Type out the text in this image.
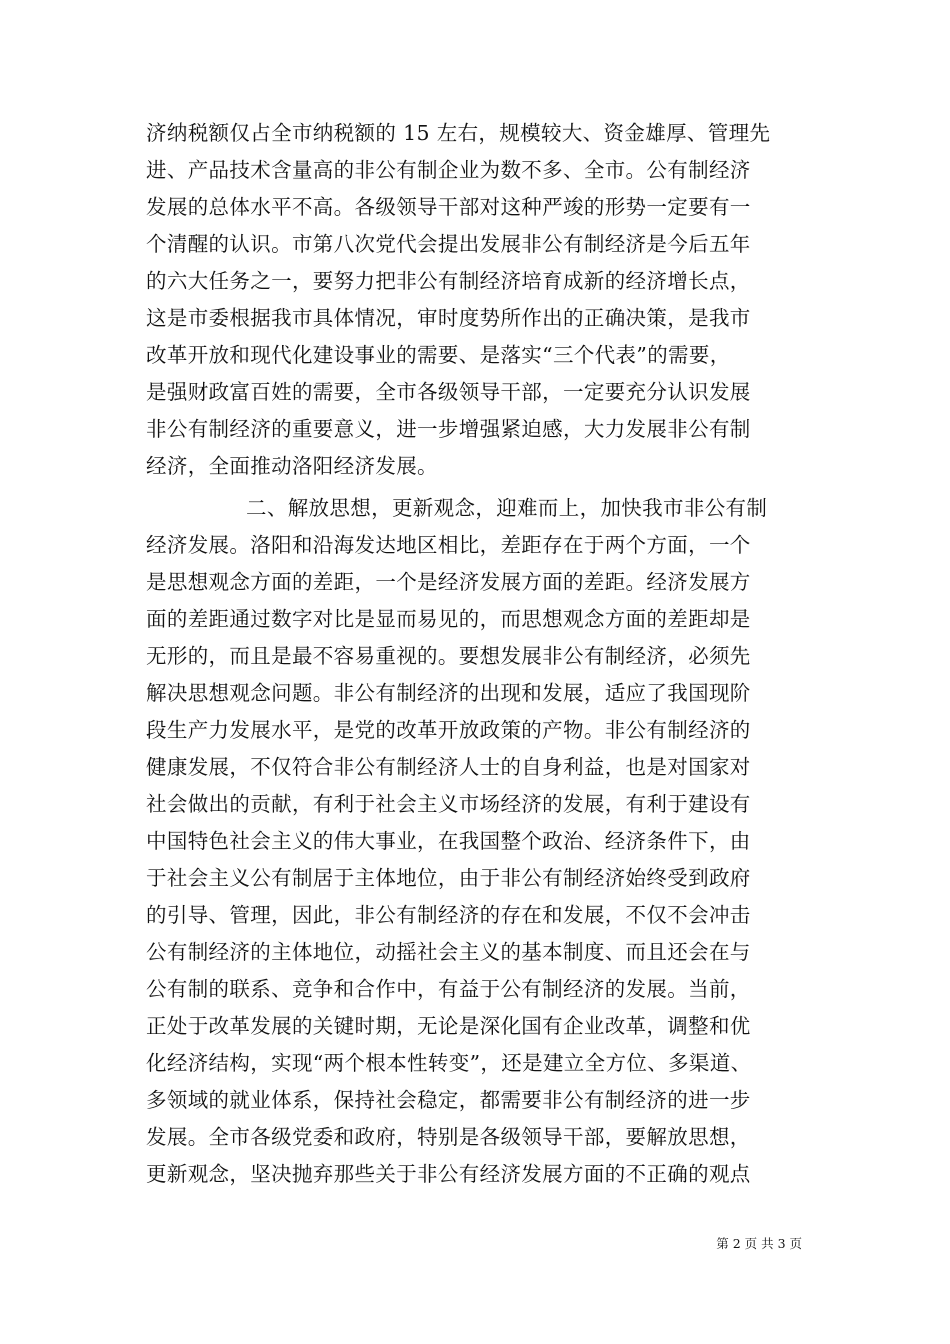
济纳税额仅占全市纳税额的 15 左右，规模较大、资金雄厚、管理先
进、产品技术含量高的非公有制企业为数不多、全市。公有制经济
发展的总体水平不高。各级领导干部对这种严竣的形势一定要有一
个清醒的认识。市第八次党代会提出发展非公有制经济是今后五年
的六大任务之一，要努力把非公有制经济培育成新的经济增长点，
这是市委根据我市具体情况，审时度势所作出的正确决策，是我市
改革开放和现代化建设事业的需要、是落实“三个代表”的需要，
是强财政富百姓的需要，全市各级领导干部，一定要充分认识发展
非公有制经济的重要意义，进一步增强紧迫感，大力发展非公有制
经济，全面推动洛阳经济发展。
二、解放思想，更新观念，迎难而上，加快我市非公有制
经济发展。洛阳和沿海发达地区相比，差距存在于两个方面，一个
是思想观念方面的差距，一个是经济发展方面的差距。经济发展方
面的差距通过数字对比是显而易见的，而思想观念方面的差距却是
无形的，而且是最不容易重视的。要想发展非公有制经济，必须先
解决思想观念问题。非公有制经济的出现和发展，适应了我国现阶
段生产力发展水平，是党的改革开放政策的产物。非公有制经济的
健康发展，不仅符合非公有制经济人士的自身利益，也是对国家对
社会做出的贡献，有利于社会主义市场经济的发展，有利于建设有
中国特色社会主义的伟大事业，在我国整个政治、经济条件下，由
于社会主义公有制居于主体地位，由于非公有制经济始终受到政府
的引导、管理，因此，非公有制经济的存在和发展，不仅不会冲击
公有制经济的主体地位，动摇社会主义的基本制度、而且还会在与
公有制的联系、竞争和合作中，有益于公有制经济的发展。当前，
正处于改革发展的关键时期，无论是深化国有企业改革，调整和优
化经济结构，实现“两个根本性转变”，还是建立全方位、多渠道、
多领域的就业体系，保持社会稳定，都需要非公有制经济的进一步
发展。全市各级党委和政府，特别是各级领导干部，要解放思想，
更新观念，坚决抛弃那些关于非公有经济发展方面的不正确的观点
第 2 页 共 3 页
